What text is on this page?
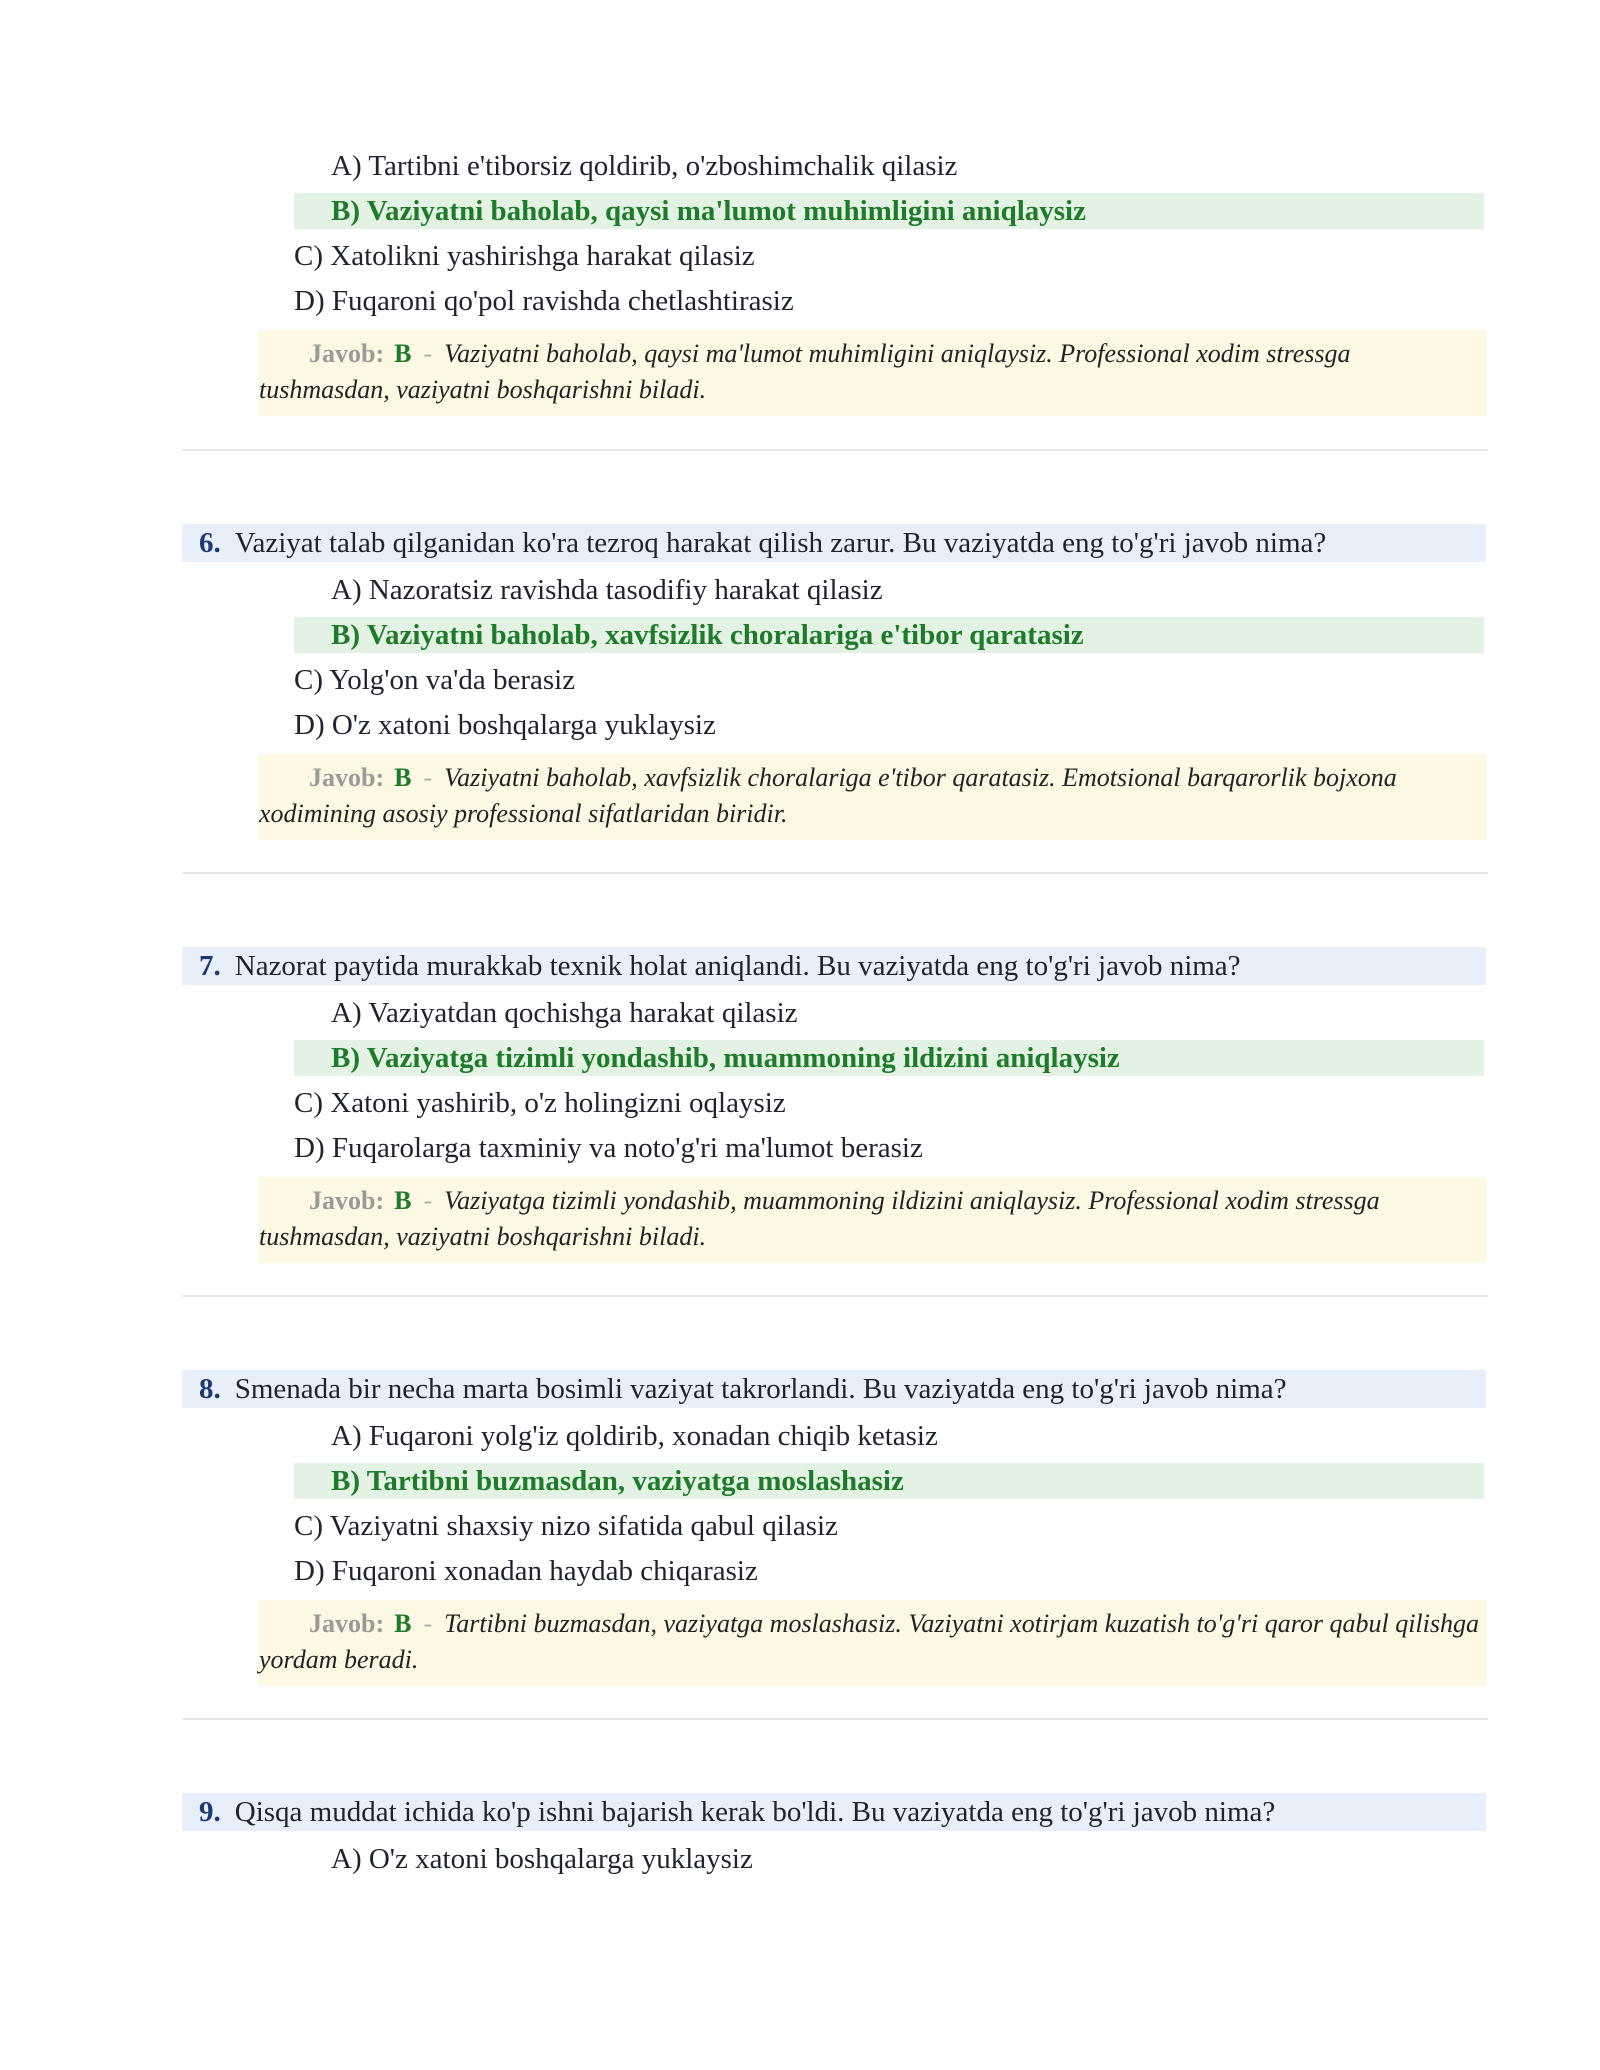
A) Tartibni e'tiborsiz qoldirib, o'zboshimchalik qilasiz
B) Vaziyatni baholab, qaysi ma'lumot muhimligini aniqlaysiz
C) Xatolikni yashirishga harakat qilasiz
D) Fuqaroni qo'pol ravishda chetlashtirasiz
Javob: B - Vaziyatni baholab, qaysi ma'lumot muhimligini aniqlaysiz. Professional xodim stressga tushmasdan, vaziyatni boshqarishni biladi.
6. Vaziyat talab qilganidan ko'ra tezroq harakat qilish zarur. Bu vaziyatda eng to'g'ri javob nima?
A) Nazoratsiz ravishda tasodifiy harakat qilasiz
B) Vaziyatni baholab, xavfsizlik choralariga e'tibor qaratasiz
C) Yolg'on va'da berasiz
D) O'z xatoni boshqalarga yuklaysiz
Javob: B - Vaziyatni baholab, xavfsizlik choralariga e'tibor qaratasiz. Emotsional barqarorlik bojxona xodimining asosiy professional sifatlaridan biridir.
7. Nazorat paytida murakkab texnik holat aniqlandi. Bu vaziyatda eng to'g'ri javob nima?
A) Vaziyatdan qochishga harakat qilasiz
B) Vaziyatga tizimli yondashib, muammoning ildizini aniqlaysiz
C) Xatoni yashirib, o'z holingizni oqlaysiz
D) Fuqarolarga taxminiy va noto'g'ri ma'lumot berasiz
Javob: B - Vaziyatga tizimli yondashib, muammoning ildizini aniqlaysiz. Professional xodim stressga tushmasdan, vaziyatni boshqarishni biladi.
8. Smenada bir necha marta bosimli vaziyat takrorlandi. Bu vaziyatda eng to'g'ri javob nima?
A) Fuqaroni yolg'iz qoldirib, xonadan chiqib ketasiz
B) Tartibni buzmasdan, vaziyatga moslashasiz
C) Vaziyatni shaxsiy nizo sifatida qabul qilasiz
D) Fuqaroni xonadan haydab chiqarasiz
Javob: B - Tartibni buzmasdan, vaziyatga moslashasiz. Vaziyatni xotirjam kuzatish to'g'ri qaror qabul qilishga yordam beradi.
9. Qisqa muddat ichida ko'p ishni bajarish kerak bo'ldi. Bu vaziyatda eng to'g'ri javob nima?
A) O'z xatoni boshqalarga yuklaysiz
